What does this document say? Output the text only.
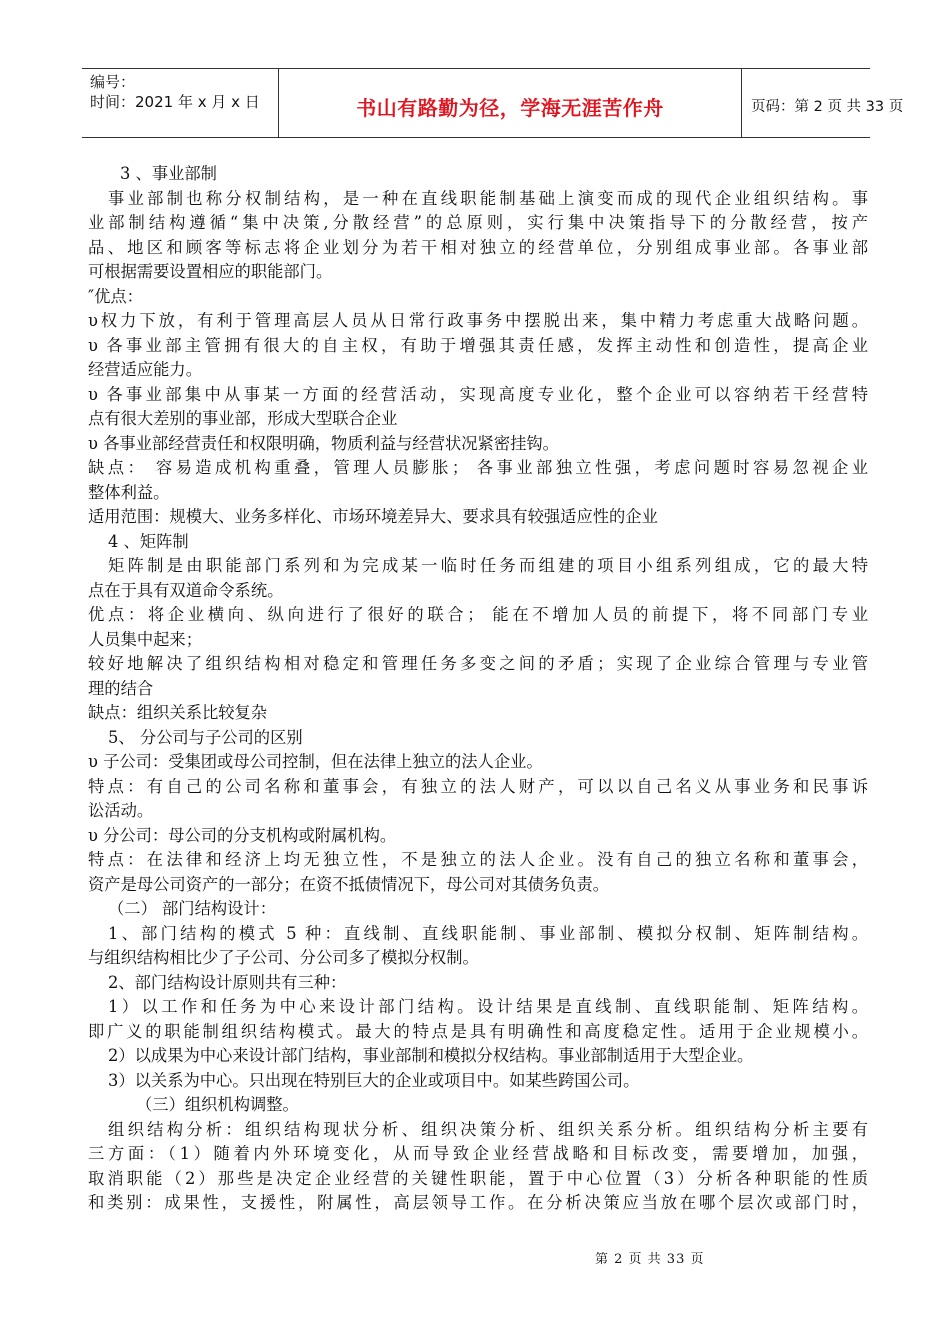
编号：
时间：2021 年 x 月 x 日	书山有路勤为径，学海无涯苦作舟	页码：第 2 页 共 33 页
3 、事业部制
事业部制也称分权制结构，是一种在直线职能制基础上演变而成的现代企业组织结构。事
业部制结构遵循“集中决策,分散经营”的总原则，实行集中决策指导下的分散经营，按产
品、地区和顾客等标志将企业划分为若干相对独立的经营单位，分别组成事业部。各事业部
可根据需要设置相应的职能部门。
″优点：
υ权力下放，有利于管理高层人员从日常行政事务中摆脱出来，集中精力考虑重大战略问题。
υ 各事业部主管拥有很大的自主权，有助于增强其责任感，发挥主动性和创造性，提高企业
经营适应能力。
υ 各事业部集中从事某一方面的经营活动，实现高度专业化，整个企业可以容纳若干经营特
点有很大差别的事业部，形成大型联合企业
υ 各事业部经营责任和权限明确，物质利益与经营状况紧密挂钩。
缺点： 容易造成机构重叠，管理人员膨胀； 各事业部独立性强，考虑问题时容易忽视企业
整体利益。
适用范围：规模大、业务多样化、市场环境差异大、要求具有较强适应性的企业
4 、矩阵制
矩阵制是由职能部门系列和为完成某一临时任务而组建的项目小组系列组成，它的最大特
点在于具有双道命令系统。
优点：将企业横向、纵向进行了很好的联合； 能在不增加人员的前提下，将不同部门专业
人员集中起来；
较好地解决了组织结构相对稳定和管理任务多变之间的矛盾；实现了企业综合管理与专业管
理的结合
缺点：组织关系比较复杂
5、 分公司与子公司的区别
υ 子公司：受集团或母公司控制，但在法律上独立的法人企业。
特点：有自己的公司名称和董事会，有独立的法人财产，可以以自己名义从事业务和民事诉
讼活动。
υ 分公司：母公司的分支机构或附属机构。
特点：在法律和经济上均无独立性，不是独立的法人企业。没有自己的独立名称和董事会，
资产是母公司资产的一部分；在资不抵债情况下，母公司对其债务负责。
（二） 部门结构设计：
1、部门结构的模式 5 种：直线制、直线职能制、事业部制、模拟分权制、矩阵制结构。
与组织结构相比少了子公司、分公司多了模拟分权制。
2、部门结构设计原则共有三种：
1）以工作和任务为中心来设计部门结构。设计结果是直线制、直线职能制、矩阵结构。
即广义的职能制组织结构模式。最大的特点是具有明确性和高度稳定性。适用于企业规模小。
2）以成果为中心来设计部门结构，事业部制和模拟分权结构。事业部制适用于大型企业。
3）以关系为中心。只出现在特别巨大的企业或项目中。如某些跨国公司。
（三）组织机构调整。
组织结构分析：组织结构现状分析、组织决策分析、组织关系分析。组织结构分析主要有
三方面：（1）随着内外环境变化，从而导致企业经营战略和目标改变，需要增加，加强，
取消职能（2）那些是决定企业经营的关键性职能，置于中心位置（3）分析各种职能的性质
和类别：成果性，支援性，附属性，高层领导工作。在分析决策应当放在哪个层次或部门时，
第 2 页 共 33 页
